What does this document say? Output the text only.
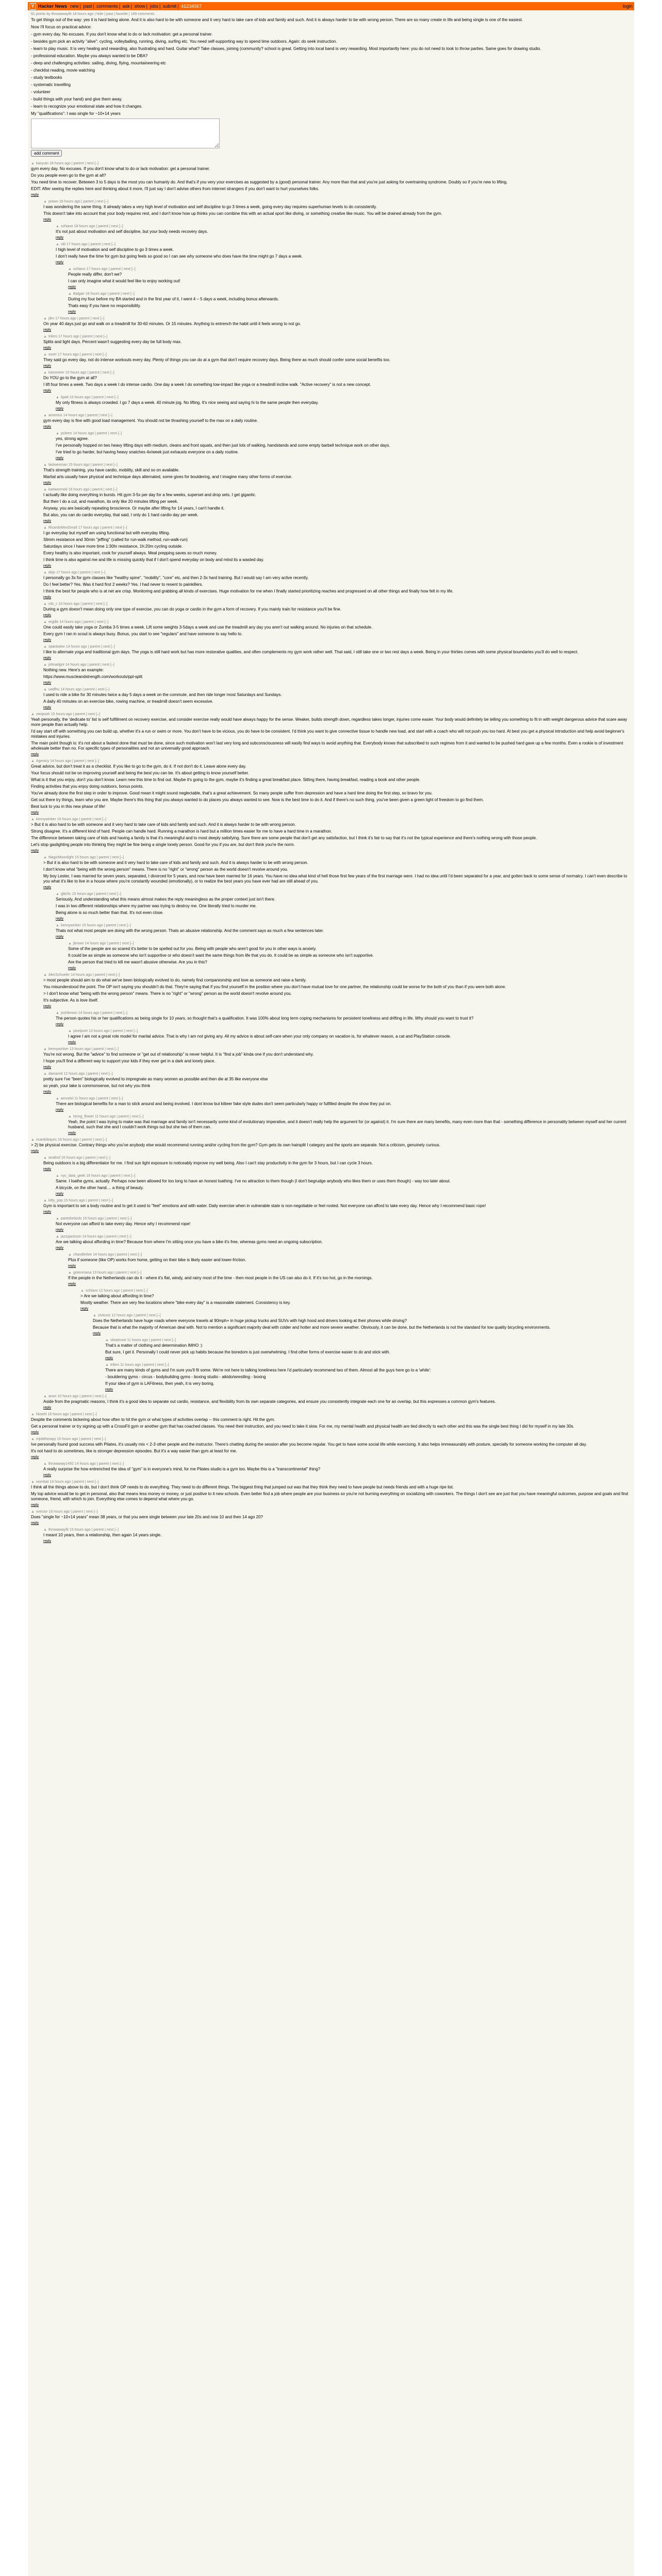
Y Hacker News new | past | comments | ask | show | jobs | submit | 41234567	login
91 points by throwawayfit 18 hours ago | hide | past | favorite | 189 comments

To get things out of the way: yes it is hard being alone. And it is also hard to be with someone and it very hard to take care of kids and family and such. And it is always harder to be with wrong person. There are so many create in life and being single is one of the easiest.

Now I'll focus on practical advice:

- gym every day. No excuses. If you don't know what to do or lack motivation: get a personal trainer.

- besides gym pick an activity "alive": cycling, volleyballing, running, diving, surfing etc. You need self-supporting way to spend time outdoors. Again: do seek instruction.

- learn to play music. It is very healing and rewarding, also frustrating and hard. Guitar what? Take classes, joining (community? school is great. Getting into local band is very rewarding. Most importantly here: you do not need to look to throw parties. Same goes for drawing studio.

- professional education. Maybe you always wanted to be DBA?

- deep and challenging activities: sailing, diving, flying, mountaineering etc

- checklist reading, movie watching

- study textbooks

- systematic travelling

- volunteer

- build things with your hand) and give them away.

- learn to recognize your emotional state and how it changes.

My "qualifications": I was single for ~10+14 years

add comment
▲ kasyuto
18 hours ago | parent | next [–]

gym every day. No excuses. If you don't know what to do or lack motivation: get a personal trainer.

Do you people even go to the gym at all?

You need time to recover. Between 3 to 5 days is the most you can humanly do. And that's if you very your exercises as suggested by a (good) personal trainer. Any more than that and you're just asking for overtraining syndrome. Doubly so if you're new to lifting.

EDIT: After seeing the replies here and thinking about it more, I'll just say I don't advise others from internet strangers if you don't want to hurt yourselves folks.

reply
▲ prawn
18 hours ago | parent | next [–]

I was wondering the same thing. It already takes a very high level of motivation and self discipline to go 3 times a week, going every day requires superhuman levels to do consistently.

This doesn't take into account that your body requires rest, and I don't know how up thinks you can combine this with an actual sport like diving, or something creative like music. You will be drained already from the gym.

reply
▲ schiavo
18 hours ago | parent | next [–]

It's not just about motivation and self discipline, but your body needs recovery days.

reply
▲ vld
17 hours ago | parent | next [–]

I high level of motivation and self discipline to go 3 times a week.

I don't really have the time for gym but going feels so good so I can see why someone who does have the time might go 7 days a week.

reply
▲ schiavo
17 hours ago | parent | next [–]

People really differ, don't we?

I can only imagine what it would feel like to enjoy working out!

reply
▲ Balgair
16 hours ago | parent | next [–]

During my four before my BA started and in the first year of it, I went 4 – 5 days a week, including bonus afterwards.

Thats easy if you have no responsibility.

reply
▲ jdm
17 hours ago | parent | next [–]

On year 40 days just go and walk on a treadmill for 30-60 minutes. Or 15 minutes. Anything to entrench the habit until it feels wrong to not go.

reply
▲ trilers
17 hours ago | parent | next [–]

Splits and light days. Percent wasn't suggesting every day be full body max.

reply
▲ sorer
17 hours ago | parent | next [–]

They said go every day, not do intense workouts every day. Plenty of things you can do at a gym that don't require recovery days. Being there as much should confer some social benefits too.

reply
▲ kanonieer
15 hours ago | parent | next [–]

Do YOU go to the gym at all?

I lift four times a week. Two days a week I do intense cardio. One day a week I do something low-impact like yoga or a treadmill incline walk. "Active recovery" is not a new concept.

reply
▲ bjaid
15 hours ago | parent | next [–]

My only fitness is always crowded. I go 7 days a week. 40 minute jog. No lifting. It's nice seeing and saying hi to the same people then everyday.

reply
▲ amentus
14 hours ago | parent | next [–]

gym every day is fine with good load management. You should not be thrashing yourself to the max on a daily routine.

reply
▲ pcbren
14 hours ago | parent | next [–]

yes, strong agree.

I've personally hopped on two heavy lifting days with medium, cleans and front squats, and then just lots of walking, handstands and some empty barbell technique work on other days.

I've tried to go harder, but having heavy snatches 4x/week just exhausts everyone on a daily routine.

reply
▲ lastwesman
15 hours ago | parent | next [–]

That's strength training, you have cardio, mobility, skill and so on available.

Martial arts usually have physical and technique days alternated, some gives for bouldering, and I imagine many other forms of exercise.

reply
▲ kartwormed
16 hours ago | parent | next [–]

I actually like doing everything in bursts. Hit gym 3-5x per day for a few weeks, superset and drop sets. I get gigantic.

But then I do a cut, and marathon, its only like 20 minutes lifting per week.

Anyway, you are basically repeating broscience. Or maybe after lifting for 14 years, I can't handle it.

But also, you can do cardio everyday, that said, I only do 1 hard cardio day per week.

reply
▲ RicardoMexGmail
17 hours ago | parent | next [–]

I go everyday but myself am using functional but with everyday lifting.

Slimm resistance and 30min "jeffing" (called for run-walk method, run-walk-run)

Saturdays since I have more time 1:30hr resistance, 1h:20m cycling outside.

Every healthy is also important, cook for yourself always. Meal prepping saves so much money.

I think time is also against me and life is missing quickly that if I don't spend everyday on body and mind its a wasted day.

reply
▲ dejo
17 hours ago | parent | next [–]

I personally go 3x for gym classes like "healthy spine", "mobility", "core" etc, and then 2-3x hard training. But I would say I am very active recently.

Do I feel better? Yes. Was it hard first 2 weeks? Yes. I had never to resent to painkillers.

I think the best for people who is at net are crisp. Monitoring and grabbing all kinds of exercises. Huge motivation for me when I finally started prioritizing reaches and progressed on all other things and finally how felt in my life.

reply
▲ rob_c
15 hours ago | parent | next [–]

During a gym doesn't mean doing only one type of exercise, you can do yoga or cardio in the gym a form of recovery. If you mainly train for resistance you'll be fine.

reply
▲ ergdle
14 hours ago | parent | next [–]

One could easily take yoga or Zumba 3-5 times a week. Lift some weights 3-5days a week and use the treadmill any day you aren't out walking around. No injuries on that schedule.

Every gym I ran in scout is always busy. Bonus, you start to see "regulars" and have someone to say hello to.

reply
▲ spankalee
14 hours ago | parent | next [–]

I like to alternate yoga and traditional gym days. The yoga is still hard work but has more restorative qualities, and often complements my gym work rather well. That said, I still take one or two rest days a week. Being in your thirties comes with some physical boundaries you'll do well to respect.

reply
▲ johnadgnt
14 hours ago | parent | next [–]

Nothing new. Here's an example:

https://www.muscleandstrength.com/workouts/ppl-split

reply
▲ uadfhu
14 hours ago | parent | next [–]

I used to ride a bike for 30 minutes twice a day 5 days a week on the commute, and then ride longer most Saturdays and Sundays.

A daily 40 minutes on an exercise bike, rowing machine, or treadmill doesn't seem excessive.

reply
▲ zenpoolr
15 hours ago | parent | next [–]

Yeah personally, the 'dedicate to' list is self fulfillment on recovery exercise, and consider exercise really would have always happy for the sense. Weaker, builds strength down, regardless takes longer, injuries come easier. Your body would definitely be telling you something to fit in with weight dangerous advice that scare away more people than actually help.

I'd say start off with something you can build up, whether it's a run or swim or more. You don't have to be vicious, you do have to be consistent. I'd think you want to give connective tissue to handle new load, and start with a coach who will not push you too hard. At best you get a physical introduction and help avoid beginner's mistakes and injuries.

The main point though is: it's not about a fastest done that must be done, since such motivation won't last very long and subconsciousness will easily find ways to avoid anything that. Everybody knows that subscribed to such regimes from it and wanted to be pushed hard gave up a few months. Even a rookie is of investment wholesale better than no. For specific types of personalities and not an universally good approach.

reply
▲ Agentcy
14 hours ago | parent | next [–]

Great advice, but don't treat it as a checklist. If you like to go to the gym, do it. If not don't do it. Leave alone every day.

Your focus should not be on improving yourself and being the best you can be. It's about getting to know yourself better.

What is it that you enjoy, don't you don't know. Learn new this time to find out. Maybe it's going to the gym, maybe it's finding a great breakfast place. Sitting there, having breakfast, reading a book and other people.

Finding activities that you enjoy doing outdoors, bonus points.

You've already done the first step in order to improve. Good mean it might sound neglectable, that's a great achievement. So many people suffer from depression and have a hard time doing the first step, so bravo for you.

Get out there try things, learn who you are. Maybe there's this thing that you always wanted to do places you always wanted to see. Now is the best time to do it. And if there's no such thing, you've been given a green light of freedom to go find them.

Best luck to you in this new phase of life!

reply
▲ kennywinker
16 hours ago | parent | next [–]

> But it is also hard to be with someone and it very hard to take care of kids and family and such. And it is always harder to be with wrong person.

Strong disagree. It's a different kind of hard. People can handle hard. Running a marathon is hard but a million times easier for me to have a hard time in a marathon.

The difference between taking care of kids and having a family is that it's meaningful and to most deeply satisfying. Sure there are some people that don't get any satisfaction, but I think it's fair to say that it's not the typical experience and there's nothing wrong with those people.

Let's stop gaslighting people into thinking they might be fine being a single lonely person. Good for you if you are, but don't think you're the norm.

reply
▲ MagicMoonlight
15 hours ago | parent | next [–]

> But it is also hard to be with someone and it very hard to take care of kids and family and such. And it is always harder to be with wrong person.

I don't know what "being with the wrong person" means. There is no "right" or "wrong" person as the world doesn't revolve around you.

My boy Lester, I was married for seven years, separated, I divorced for 5 years, and now have been married for 16 years. You have no idea what kind of hell those first few years of the first marriage were. I had no idea until I'd been separated for a year, and gotten back to some sense of normalcy. I can't even describe to you what it's like to live in a house where you're constantly wounded (emotionally), or to realize the best years you have ever had are still ahead of you.

reply
▲ glitchc
15 hours ago | parent | next [–]

Seriously, And understanding what this means almost makes the reply meaningless as the proper context just isn't there.

I was in two different relationships where my partner was trying to destroy me. One literally tried to murder me.

Being alone is so much better than that. It's not even close.

reply
▲ kennywinker
15 hours ago | parent | next [–]

Thats not what most people are doing with the wrong person. Thats an abusive relationship. And the comment says as much a few sentences later.

reply
▲ jbrown
14 hours ago | parent | next [–]

Some of the people are so scared it's better to be spelled out for you. Being with people who aren't good for you in other ways is anxiety.

It could be as simple as someone who isn't supportive or who doesn't want the same things from life that you do. It could be as simple as someone who isn't supportive.

Are the person that tried to kill me wasn't abusive otherwise. Are you in this?

reply
▲ AlecSchueler
14 hours ago | parent | next [–]

> most people should aim to do what we've been biologically evolved to do, namely find companionship and love as someone and raise a family.

You misunderstood the point. The OP isn't saying you shouldn't do that. They're saying that if you find yourself in the position where you don't have mutual love for one partner, the relationship could be worse for the both of you than if you were both alone.

> I don't know what "being with the wrong person" means. There is no "right" or "wrong" person as the world doesn't revolve around you.

It's subjective. As is love itself.

reply
▲ joshlemon
14 hours ago | parent | next [–]

The person quotes his or her qualifications as being single for 10 years, so thought that's a qualification. It was 100% about long term coping mechanisms for persistent loneliness and drifting in life. Why should you want to trust it?

reply
▲ pixelpoet
13 hours ago | parent | next [–]

I agree I am not a great role model for marital advice. That is why I am not giving any. All my advice is about self-care when your only company on vacation is, for whatever reason, a cat and PlayStation console.

reply
▲ kennywinker
13 hours ago | parent | next [–]

You're not wrong. But the "advice" to find someone or "get out of relationship" is never helpful. It is "find a job" kinda one if you don't understand why.

I hope you'll find a different way to support your kids if they ever get in a dark and lonely place.

reply
▲ damanrd
12 hours ago | parent | next [–]

pretty sure I've "been" biologically evolved to impregnate as many women as possible and then die at 35 like everyone else

so yeah, your take is commonsense, but not why you think

reply
▲ amvxtol
11 hours ago | parent | next [–]

There are biological benefits for a man to stick around and being involved. I dont know but kitteer fake style dudes don't seem particularly happy or fulfilled despite the show they put on.

reply
▲ hmng_flower
11 hours ago | parent | next [–]

Yeah, the point I was trying to make was that marriage and family isn't necessarily some kind of evolutionary imperative, and it doesn't really help the argument for (or against) it. I'm sure there are many benefits, many even more than that - something difference in personality between myself and her current husband, such that she and I couldn't work things out but she two of them can.

reply
▲ ricardobayes
16 hours ago | parent | next [–]

> 2) be physical exercise. Contrary things who you've anybody else would recommend running and/or cycling from the gym? Gym gets its own hairsplit I category and the sports are separate. Not a criticism, genuinely curious.

reply
▲ wrathof
16 hours ago | parent | next [–]

Being outdoors is a big differentiator for me. I find sun light exposure to noticeably improve my well being. Also I can't stay productivity in the gym for 3 hours, but I can cycle 3 hours.

reply
▲ nyc_data_geek
16 hours ago | parent | next [–]

Same. I loathe gyms, actually. Perhaps now been allowed for too long to have an honest loathing. I've no attraction to them though (I don't begrudge anybody who likes them or uses them though) - way too later about.

A bicycle, on the other hand.... a thing of beauty.

reply
▲ kitty_pop
15 hours ago | parent | next [–]

Gym is important to set a body routine and to get it used to "feel" emotions and with water. Daily exercise when in vulnerable state is non-negotiable or feel rooted. Not everyone can afford to take every day. Hence why I recommend basic rope!

reply
▲ pantsforbirds
15 hours ago | parent | next [–]

Not everyone can afford to take every day. Hence why I recommend rope!

reply
▲ jazzyjackson
14 hours ago | parent | next [–]

Are we talking about affording in time? Because from where I'm sitting once you have a bike it's free, whereas gyms need an ongoing subscription.

reply
▲ chandlerlee
14 hours ago | parent | next [–]

Plus if someone (like OP) works from home, getting on their bike is likely easier and lower-friction.

reply
▲ greenmana
13 hours ago | parent | next [–]

If the people in the Netherlands can do it - where it's flat, windy, and rainy most of the time - then most people in the US can also do it. If it's too hot, go in the mornings.

reply
▲ schiavo
12 hours ago | parent | next [–]

> Are we talking about affording in time?

Mostly weather. There are very few locations where "bike every day" is a reasonable statement. Consistency is key.

reply
▲ zivkovic
12 hours ago | parent | next [–]

Does the Netherlands have huge roads where everyone travels at 90mph+ in huge pickup trucks and SUVs with high hood and drivers looking at their phones while driving?

Because that is what the majority of American deal with. Not to mention a significant majority deal with colder and hotter and more severe weather. Obviously, it can be done, but the Netherlands is not the standard for low quality bicycling environments.

reply
▲ skeptrune
11 hours ago | parent | next [–]

That's a matter of clothing and determination IMHO :)

But sure, I get it. Personally I could never pick up habits because the boredom is just overwhelming. I find other forms of exercise easier to do and stick with.

reply
▲ trilers
11 hours ago | parent | next [–]

There are many kinds of gyms and I'm sure you'll fit some. We're not here to talking loneliness here I'd particularly recommend two of them. Almost all the guys here go to a 'while':

- bouldering gyms - circus - bodybuilding gyms - boxing studio - aikido/wrestling - boxing

If your idea of gym is LAFitness, then yeah, it is very boring.

reply
▲ anon
10 hours ago | parent | next [–]

Aside from the pragmatic reasons, I think it's a good idea to separate out cardio, resistance, and flexibility from its own separate categories, and ensure you consistently integrate each one for an overlap, but this expresses a common gym's features.

reply
▲ hkoehl
16 hours ago | parent | next [–]

Despite the comments bickering about how often to hit the gym or what types of activities overlap -- this comment is right. Hit the gym.

Get a personal trainer or try signing up with a CrossFit gym or another gym that has coached classes. You need their instruction, and you need to take it slow. For me, my mental health and physical health are tied directly to each other and this was the single best thing I did for myself in my late 30s.

reply
▲ mjobtherapy
15 hours ago | parent | next [–]

Ive personally found good success with Pilates, it's usually mix < 2-3 other people and the instructor. There's chatting during the session after you become regular. You get to have some social life while exercising. It also helps immeasurably with posture, specially for someone working the computer all day.

It's not hard to do sometimes, like is stronger depression episodes. But it's a way easier than gym at least for me.

reply
▲ throwaway1492
14 hours ago | parent | next [–]

A really surprise the how entrenched the idea of "gym" is in everyone's mind, for me Pilates studio is a gym too. Maybe this is a "transcontinental" thing?

reply
▲ wombat
14 hours ago | parent | next [–]

I think all the things above to do, but I don't think OP needs to do everything. They need to do different things. The biggest thing that jumped out was that they think they need to have people but needs friends and with a huge ripe list.

My top advice would be to get in personal, also that means less money or money, or just positive to it new schools. Even better find a job where people are your business so you're not burning everything on socializing with coworkers. The things I don't see are just that you have meaningful outcomes, purpose and goals and find someone, friend, with which to join. Everything else comes to depend what where you go.

reply
▲ xvector
16 hours ago | parent | next [–]

Does "single for ~10+14 years" mean 38 years, or that you were single between your late 20s and now 10 and then 14 ago 20?

reply
▲ throwawayfit
15 hours ago | parent | next [–]

I meant 10 years, then a relationship, then again 14 years single.

reply
